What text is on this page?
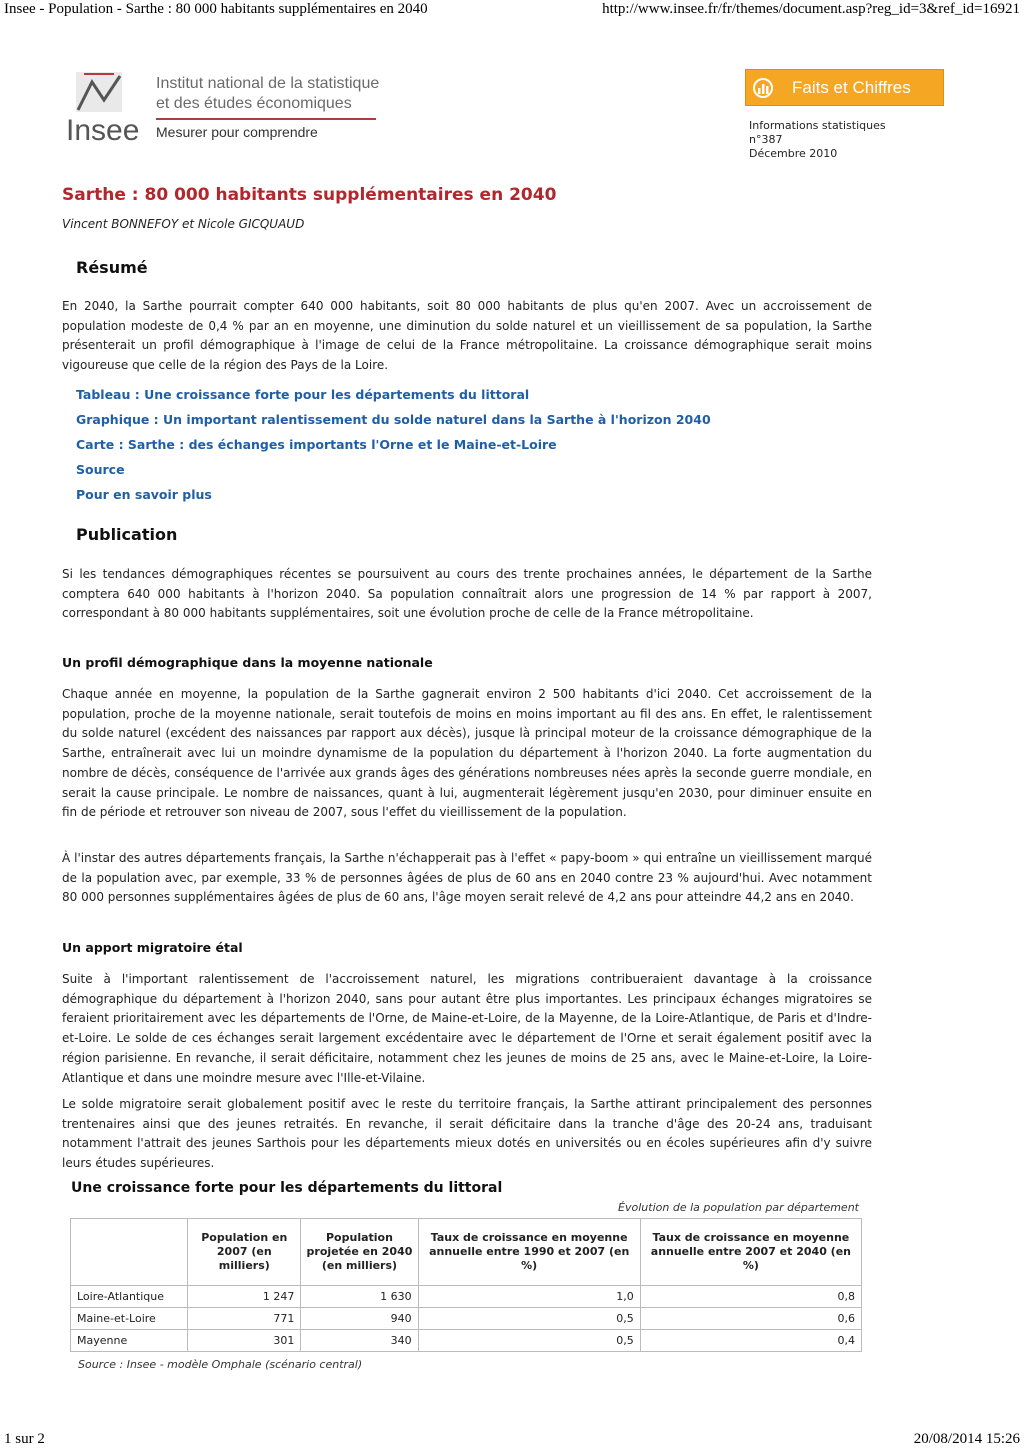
Insee - Population - Sarthe : 80 000 habitants supplémentaires en 2040	http://www.insee.fr/fr/themes/document.asp?reg_id=3&ref_id=16921
Insee
Institut national de la statistique
et des études économiques
Mesurer pour comprendre
Faits et Chiffres
Informations statistiques
n°387
Décembre 2010
Sarthe : 80 000 habitants supplémentaires en 2040
Vincent BONNEFOY et Nicole GICQUAUD
Résumé
En 2040, la Sarthe pourrait compter 640 000 habitants, soit 80 000 habitants de plus qu'en 2007. Avec un accroissement de population modeste de 0,4 % par an en moyenne, une diminution du solde naturel et un vieillissement de sa population, la Sarthe présenterait un profil démographique à l'image de celui de la France métropolitaine. La croissance démographique serait moins vigoureuse que celle de la région des Pays de la Loire.
Tableau : Une croissance forte pour les départements du littoral
Graphique : Un important ralentissement du solde naturel dans la Sarthe à l'horizon 2040
Carte : Sarthe : des échanges importants l'Orne et le Maine-et-Loire
Source
Pour en savoir plus
Publication
Si les tendances démographiques récentes se poursuivent au cours des trente prochaines années, le département de la Sarthe comptera 640 000 habitants à l'horizon 2040. Sa population connaîtrait alors une progression de 14 % par rapport à 2007, correspondant à 80 000 habitants supplémentaires, soit une évolution proche de celle de la France métropolitaine.
Un profil démographique dans la moyenne nationale
Chaque année en moyenne, la population de la Sarthe gagnerait environ 2 500 habitants d'ici 2040. Cet accroissement de la population, proche de la moyenne nationale, serait toutefois de moins en moins important au fil des ans. En effet, le ralentissement du solde naturel (excédent des naissances par rapport aux décès), jusque là principal moteur de la croissance démographique de la Sarthe, entraînerait avec lui un moindre dynamisme de la population du département à l'horizon 2040. La forte augmentation du nombre de décès, conséquence de l'arrivée aux grands âges des générations nombreuses nées après la seconde guerre mondiale, en serait la cause principale. Le nombre de naissances, quant à lui, augmenterait légèrement jusqu'en 2030, pour diminuer ensuite en fin de période et retrouver son niveau de 2007, sous l'effet du vieillissement de la population.
À l'instar des autres départements français, la Sarthe n'échapperait pas à l'effet « papy-boom » qui entraîne un vieillissement marqué de la population avec, par exemple, 33 % de personnes âgées de plus de 60 ans en 2040 contre 23 % aujourd'hui. Avec notamment 80 000 personnes supplémentaires âgées de plus de 60 ans, l'âge moyen serait relevé de 4,2 ans pour atteindre 44,2 ans en 2040.
Un apport migratoire étal
Suite à l'important ralentissement de l'accroissement naturel, les migrations contribueraient davantage à la croissance démographique du département à l'horizon 2040, sans pour autant être plus importantes. Les principaux échanges migratoires se feraient prioritairement avec les départements de l'Orne, de Maine-et-Loire, de la Mayenne, de la Loire-Atlantique, de Paris et d'Indre-et-Loire. Le solde de ces échanges serait largement excédentaire avec le département de l'Orne et serait également positif avec la région parisienne. En revanche, il serait déficitaire, notamment chez les jeunes de moins de 25 ans, avec le Maine-et-Loire, la Loire-Atlantique et dans une moindre mesure avec l'Ille-et-Vilaine.
Le solde migratoire serait globalement positif avec le reste du territoire français, la Sarthe attirant principalement des personnes trentenaires ainsi que des jeunes retraités. En revanche, il serait déficitaire dans la tranche d'âge des 20-24 ans, traduisant notamment l'attrait des jeunes Sarthois pour les départements mieux dotés en universités ou en écoles supérieures afin d'y suivre leurs études supérieures.
Une croissance forte pour les départements du littoral
Évolution de la population par département
	Population en 2007 (en milliers)	Population projetée en 2040 (en milliers)	Taux de croissance en moyenne annuelle entre 1990 et 2007 (en %)	Taux de croissance en moyenne annuelle entre 2007 et 2040 (en %)
Loire-Atlantique	1 247	1 630	1,0	0,8
Maine-et-Loire	771	940	0,5	0,6
Mayenne	301	340	0,5	0,4
Source : Insee - modèle Omphale (scénario central)
1 sur 2	20/08/2014 15:26
